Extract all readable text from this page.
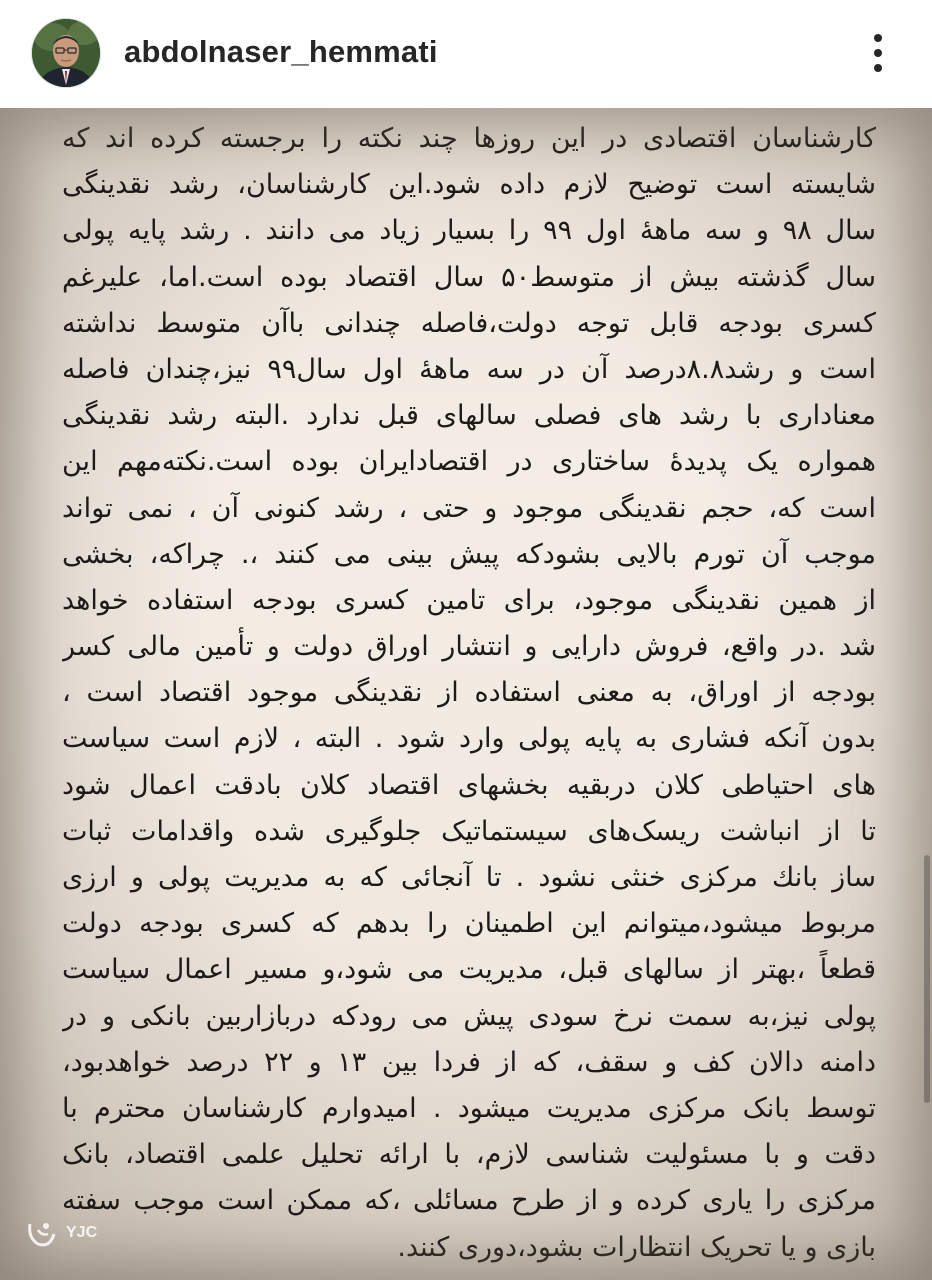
abdolnaser_hemmati
کارشناسان اقتصادی در این روزها چند نکته را برجسته کرده اند که
شایسته است توضیح لازم داده شود.این کارشناسان، رشد نقدینگی
سال ۹۸ و سه ماههٔ اول ۹۹ را بسیار زیاد می دانند . رشد پایه پولی
سال گذشته بیش از متوسط۵۰ سال اقتصاد بوده است.اما، علیرغم
کسری بودجه قابل توجه دولت،فاصله چندانی باآن متوسط نداشته
است و رشد۸.۸درصد آن در سه ماههٔ اول سال۹۹ نیز،چندان فاصله
معناداری با رشد های فصلی سالهای قبل ندارد .البته رشد نقدینگی
همواره یک پدیدهٔ ساختاری در اقتصادایران بوده است.نکته‌مهم این
است که، حجم نقدینگی موجود و حتی ، رشد کنونی آن ، نمی تواند
موجب آن تورم بالایی بشودکه پیش بینی می کنند ،. چراکه، بخشی
از همین نقدینگی موجود، برای تامین کسری بودجه استفاده خواهد
شد .در واقع، فروش دارایی و انتشار اوراق دولت و تأمین مالی کسر
بودجه از اوراق، به معنی استفاده از نقدینگی موجود اقتصاد است ،
بدون آنکه فشاری به پایه پولی وارد شود . البته ، لازم است سیاست
های احتیاطی کلان دربقیه بخشهای اقتصاد کلان بادقت اعمال شود
تا از انباشت ریسک‌های سیستماتیک جلوگیری شده واقدامات ثبات
ساز بانك مرکزی خنثی نشود . تا آنجائی که به مدیریت پولی و ارزی
مربوط میشود،میتوانم این اطمینان را بدهم که کسری بودجه دولت
قطعاً ،بهتر از سالهای قبل، مدیریت می شود،و مسیر اعمال سیاست
پولی نیز،به سمت نرخ سودی پیش می رودکه دربازاربین بانکی و در
دامنه دالان کف و سقف، که از فردا بین ۱۳ و ۲۲ درصد خواهدبود،
توسط بانک مرکزی مدیریت میشود . امیدوارم کارشناسان محترم با
دقت و با مسئولیت شناسی لازم، با ارائه تحلیل علمی اقتصاد، بانک
مرکزی را یاری کرده و از طرح مسائلی ،که ممکن است موجب سفته
بازی و یا تحریک انتظارات بشود،دوری کنند.
YJC
